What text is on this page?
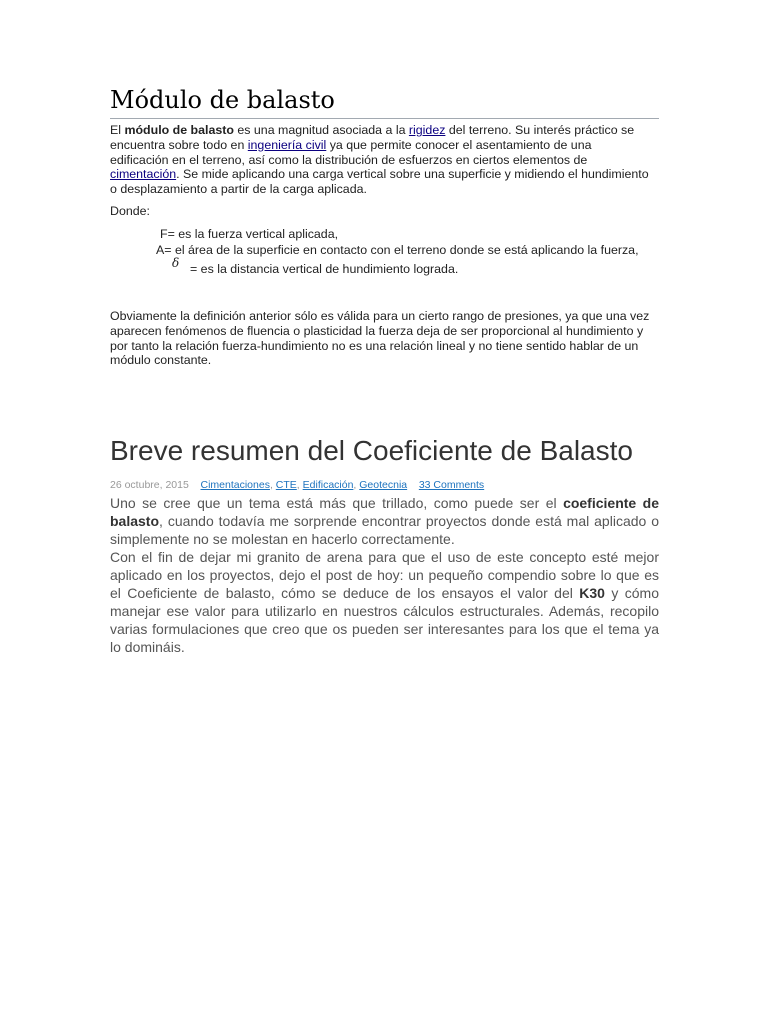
Módulo de balasto
El módulo de balasto es una magnitud asociada a la rigidez del terreno. Su interés práctico se encuentra sobre todo en ingeniería civil ya que permite conocer el asentamiento de una edificación en el terreno, así como la distribución de esfuerzos en ciertos elementos de cimentación. Se mide aplicando una carga vertical sobre una superficie y midiendo el hundimiento o desplazamiento a partir de la carga aplicada.
Donde:
F= es la fuerza vertical aplicada,
A= el área de la superficie en contacto con el terreno donde se está aplicando la fuerza,
δ = es la distancia vertical de hundimiento lograda.
Obviamente la definición anterior sólo es válida para un cierto rango de presiones, ya que una vez aparecen fenómenos de fluencia o plasticidad la fuerza deja de ser proporcional al hundimiento y por tanto la relación fuerza-hundimiento no es una relación lineal y no tiene sentido hablar de un módulo constante.
Breve resumen del Coeficiente de Balasto
26 octubre, 2015 Cimentaciones, CTE, Edificación, Geotecnia 33 Comments

Uno se cree que un tema está más que trillado, como puede ser el coeficiente de balasto, cuando todavía me sorprende encontrar proyectos donde está mal aplicado o simplemente no se molestan en hacerlo correctamente.

Con el fin de dejar mi granito de arena para que el uso de este concepto esté mejor aplicado en los proyectos, dejo el post de hoy: un pequeño compendio sobre lo que es el Coeficiente de balasto, cómo se deduce de los ensayos el valor del K30 y cómo manejar ese valor para utilizarlo en nuestros cálculos estructurales. Además, recopilo varias formulaciones que creo que os pueden ser interesantes para los que el tema ya lo domináis.
